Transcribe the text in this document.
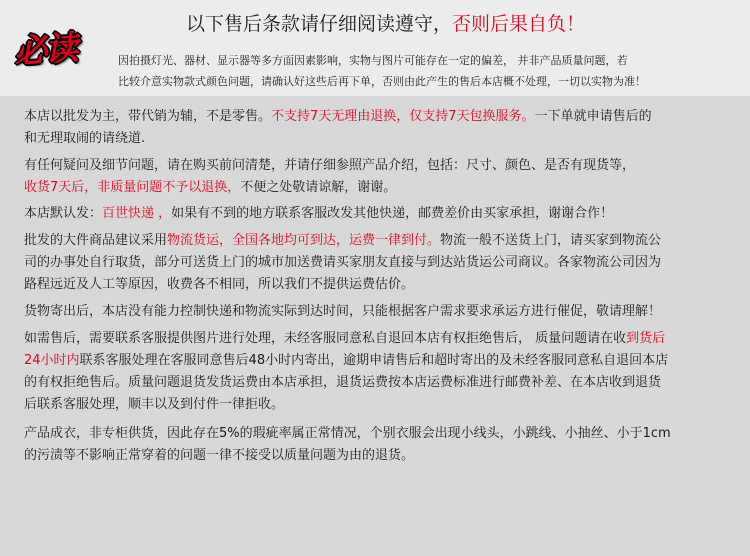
必读
以下售后条款请仔细阅读遵守，否则后果自负！
因拍摄灯光、器材、显示器等多方面因素影响，实物与图片可能存在一定的偏差， 并非产品质量问题，若
比较介意实物款式颜色问题，请确认好这些后再下单，否则由此产生的售后本店概不处理，一切以实物为准！
本店以批发为主，带代销为辅，不是零售。不支持7天无理由退换，仅支持7天包换服务。一下单就申请售后的
和无理取闹的请绕道.
有任何疑问及细节问题，请在购买前问清楚，并请仔细参照产品介绍，包括：尺寸、颜色、是否有现货等，
收货7天后，非质量问题不予以退换，不便之处敬请谅解，谢谢。
本店默认发：百世快递 ，如果有不到的地方联系客服改发其他快递，邮费差价由买家承担，谢谢合作！
批发的大件商品建议采用物流货运，全国各地均可到达，运费一律到付。物流一般不送货上门，请买家到物流公
司的办事处自行取货，部分可送货上门的城市加送费请买家朋友直接与到达站货运公司商议。各家物流公司因为
路程远近及人工等原因，收费各不相同，所以我们不提供运费估价。
货物寄出后，本店没有能力控制快递和物流实际到达时间，只能根据客户需求要求承运方进行催促，敬请理解！
如需售后，需要联系客服提供图片进行处理，未经客服同意私自退回本店有权拒绝售后， 质量问题请在收到货后
24小时内联系客服处理在客服同意售后48小时内寄出，逾期申请售后和超时寄出的及未经客服同意私自退回本店
的有权拒绝售后。质量问题退货发货运费由本店承担，退货运费按本店运费标准进行邮费补差、在本店收到退货
后联系客服处理，顺丰以及到付件一律拒收。
产品成衣，非专柜供货，因此存在5%的瑕疵率属正常情况，个别衣服会出现小线头，小跳线、小抽丝、小于1cm
的污渍等不影响正常穿着的问题一律不接受以质量问题为由的退货。
